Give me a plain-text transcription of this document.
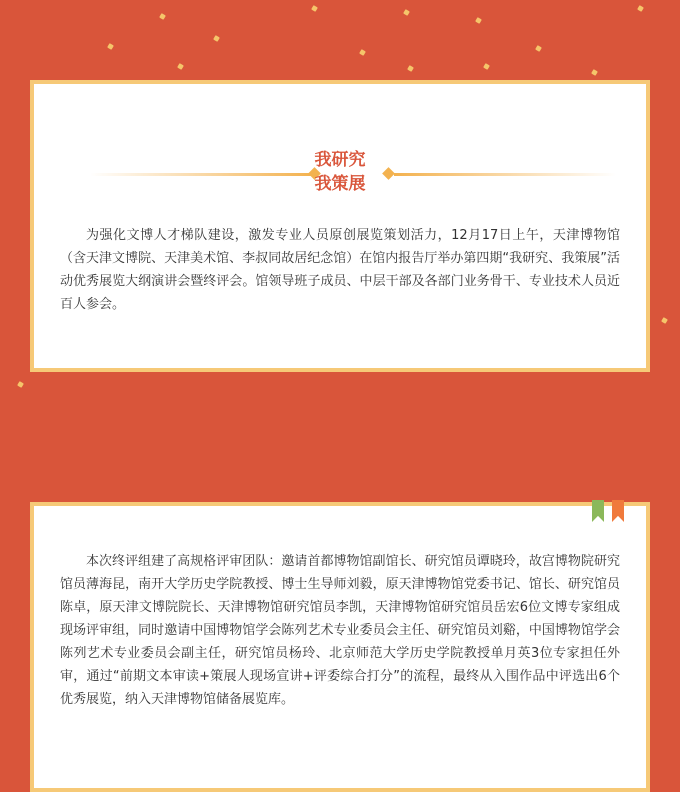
我研究
我策展

为强化文博人才梯队建设，激发专业人员原创展览策划活力，12月17日上午，天津博物馆（含天津文博院、天津美术馆、李叔同故居纪念馆）在馆内报告厅举办第四期“我研究、我策展”活动优秀展览大纲演讲会暨终评会。馆领导班子成员、中层干部及各部门业务骨干、专业技术人员近百人参会。

本次终评组建了高规格评审团队：邀请首都博物馆副馆长、研究馆员谭晓玲，故宫博物院研究馆员薄海昆，南开大学历史学院教授、博士生导师刘毅，原天津博物馆党委书记、馆长、研究馆员陈卓，原天津文博院院长、天津博物馆研究馆员李凯，天津博物馆研究馆员岳宏6位文博专家组成现场评审组，同时邀请中国博物馆学会陈列艺术专业委员会主任、研究馆员刘谿，中国博物馆学会陈列艺术专业委员会副主任，研究馆员杨玲、北京师范大学历史学院教授单月英3位专家担任外审，通过“前期文本审读+策展人现场宣讲+评委综合打分”的流程，最终从入围作品中评选出6个优秀展览，纳入天津博物馆储备展览库。
